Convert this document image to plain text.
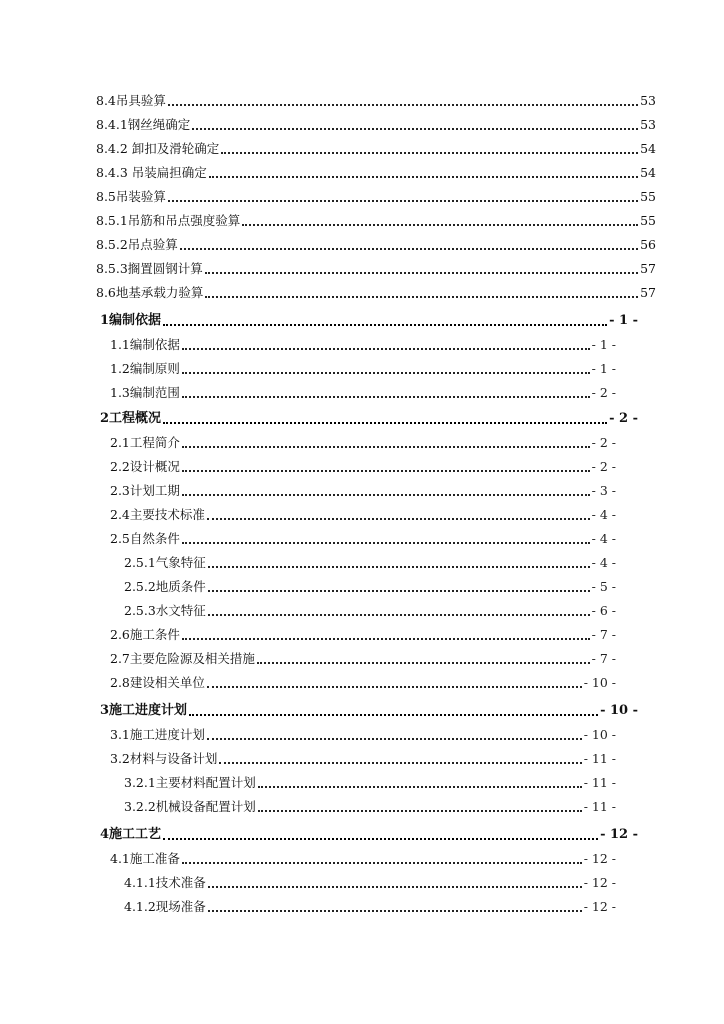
8.4吊具验算	53
8.4.1钢丝绳确定	53
8.4.2 卸扣及滑轮确定	54
8.4.3 吊装扁担确定	54
8.5吊装验算	55
8.5.1吊筋和吊点强度验算	55
8.5.2吊点验算	56
8.5.3搁置圆钢计算	57
8.6地基承载力验算	57
1编制依据	- 1 -
1.1编制依据	- 1 -
1.2编制原则	- 1 -
1.3编制范围	- 2 -
2工程概况	- 2 -
2.1工程简介	- 2 -
2.2设计概况	- 2 -
2.3计划工期	- 3 -
2.4主要技术标准	- 4 -
2.5自然条件	- 4 -
2.5.1气象特征	- 4 -
2.5.2地质条件	- 5 -
2.5.3水文特征	- 6 -
2.6施工条件	- 7 -
2.7主要危险源及相关措施	- 7 -
2.8建设相关单位	- 10 -
3施工进度计划	- 10 -
3.1施工进度计划	- 10 -
3.2材料与设备计划	- 11 -
3.2.1主要材料配置计划	- 11 -
3.2.2机械设备配置计划	- 11 -
4施工工艺	- 12 -
4.1施工准备	- 12 -
4.1.1技术准备	- 12 -
4.1.2现场准备	- 12 -
